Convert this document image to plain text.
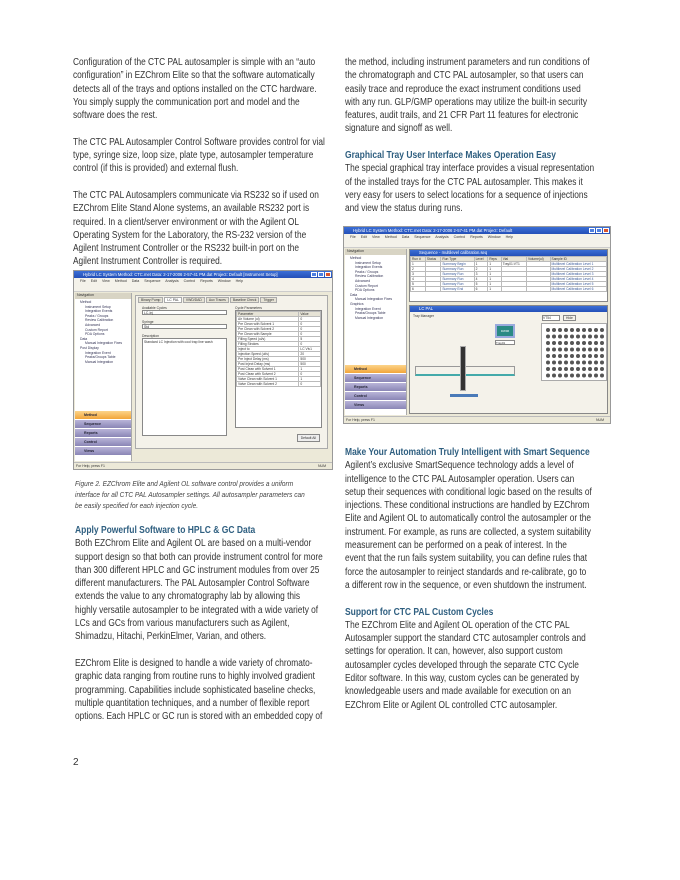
Configuration of the CTC PAL autosampler is simple with an “auto
configuration” in EZChrom Elite so that the software automatically
detects all of the trays and options installed on the CTC hardware.
You simply supply the communication port and model and the
software does the rest.
The CTC PAL Autosampler Control Software provides control for vial
type, syringe size, loop size, plate type, autosampler temperature
control (if this is provided) and external flush.
The CTC PAL Autosamplers communicate via RS232 so if used on
EZChrom Elite Stand Alone systems, an available RS232 port is
required. In a client/server environment or with the Agilent OL
Operating System for the Laboratory, the RS-232 version of the
Agilent Instrument Controller or the RS232 built-in port on the
Agilent Instrument Controller is required.
Hybrid LC System Method: CTC.met Data: 2-17-2006 2-57-41 PM.dat Project: Default [Instrument Setup]
File Edit View Method Data Sequence Analysis Control Reports Window Help
Navigation
Method
Instrument Setup
Integration Events
Peaks / Groups
Review Calibration
Advanced
Custom Report
PDA Options
Data
Manual Integration Fixes
Post Display
Integration Event
Peaks/Groups Table
Manual Integration
Method
Sequence
Reports
Control
Views
Binary Pump	LC PAL	VWD/DAD	Aux Traces	Baseline Check	Trigger
Available Cycles
LC-Inj
Syringe
Std
Description
Standard LC Injection with cool trap line wash
Cycle Parameters
Parameter	Value
Air Volume (ul)	0
Pre Clean with Solvent 1	0
Pre Clean with Solvent 2	0
Pre Clean with Sample	0
Filling Speed (ul/s)	5
Filling Strokes	0
Inject to	LC Vlv1
Injection Speed (ul/s)	20
Pre Inject Delay (ms)	500
Post Inject Delay (ms)	500
Post Clean with Solvent 1	1
Post Clean with Solvent 2	0
Valve Clean with Solvent 1	1
Valve Clean with Solvent 2	0
Default All
For Help, press F1	NUM
Figure 2. EZChrom Elite and Agilent OL software control provides a uniform
interface for all CTC PAL Autosampler settings. All autosampler parameters can
be easily specified for each injection cycle.
Apply Powerful Software to HPLC & GC Data
Both EZChrom Elite and Agilent OL are based on a multi-vendor
support design so that both can provide instrument control for more
than 300 different HPLC and GC instrument modules from over 25
different manufacturers. The PAL Autosampler Control Software
extends the value to any chromatography lab by allowing this
highly versatile autosampler to be integrated with a wide variety of
LCs and GCs from various manufacturers such as Agilent,
Shimadzu, Hitachi, PerkinElmer, Varian, and others.
EZChrom Elite is designed to handle a wide variety of chromato-
graphic data ranging from routine runs to highly involved gradient
programming. Capabilities include sophisticated baseline checks,
multiple quantitation techniques, and a number of flexible report
options. Each HPLC or GC run is stored with an embedded copy of
the method, including instrument parameters and run conditions of
the chromatograph and CTC PAL autosampler, so that users can
easily trace and reproduce the exact instrument conditions used
with any run. GLP/GMP operations may utilize the built-in security
features, audit trails, and 21 CFR Part 11 features for electronic
signature and signoff as well.
Graphical Tray User Interface Makes Operation Easy
The special graphical tray interface provides a visual representation
of the installed trays for the CTC PAL autosampler. This makes it
very easy for users to select locations for a sequence of injections
and view the status during runs.
Hybrid LC System Method: CTC.met Data: 2-17-2006 2-57-41 PM.dat Project: Default
File Edit View Method Data Sequence Analysis Control Reports Window Help
Navigation
Method
Instrument Setup
Integration Events
Peaks / Groups
Review Calibration
Advanced
Custom Report
PDA Options
Data
Manual Integration Fixes
Graphics
Integration Event
Peaks/Groups Table
Manual Integration
Method
Sequence
Reports
Control
Views
Sequence - multilevel calibration.seq
Run #	Status	Run Type	Level	Reps	Vial	Volume(ul)	Sample ID
1		Summary Begin	1	1	Tray01:VT1		Multilevel Calibration Level 1
2		Summary Run	2	1			Multilevel Calibration Level 2
3		Summary Run	3	1			Multilevel Calibration Level 3
4		Summary Run	4	1			Multilevel Calibration Level 4
5		Summary Run	5	1			Multilevel Calibration Level 5
6		Summary End	6	1			Multilevel Calibration Level 6
LC PAL
Tray Manager
DW96
Tray01
VT54	Hide
For Help, press F1	NUM
Make Your Automation Truly Intelligent with Smart Sequence
Agilent’s exclusive SmartSequence technology adds a level of
intelligence to the CTC PAL Autosampler operation. Users can
setup their sequences with conditional logic based on the results of
injections. These conditional instructions are handled by EZChrom
Elite and Agilent OL to automatically control the autosampler or the
instrument. For example, as runs are collected, a system suitability
measurement can be performed on a peak of interest. In the
event that the run fails system suitability, you can define rules that
force the autosampler to reinject standards and re-calibrate, go to
a different row in the sequence, or even shutdown the instrument.
Support for CTC PAL Custom Cycles
The EZChrom Elite and Agilent OL operation of the CTC PAL
Autosampler support the standard CTC autosampler controls and
settings for operation. It can, however, also support custom
autosampler cycles developed through the separate CTC Cycle
Editor software. In this way, custom cycles can be generated by
knowledgeable users and made available for execution on an
EZChrom Elite or Agilent OL controlled CTC autosampler.
2
